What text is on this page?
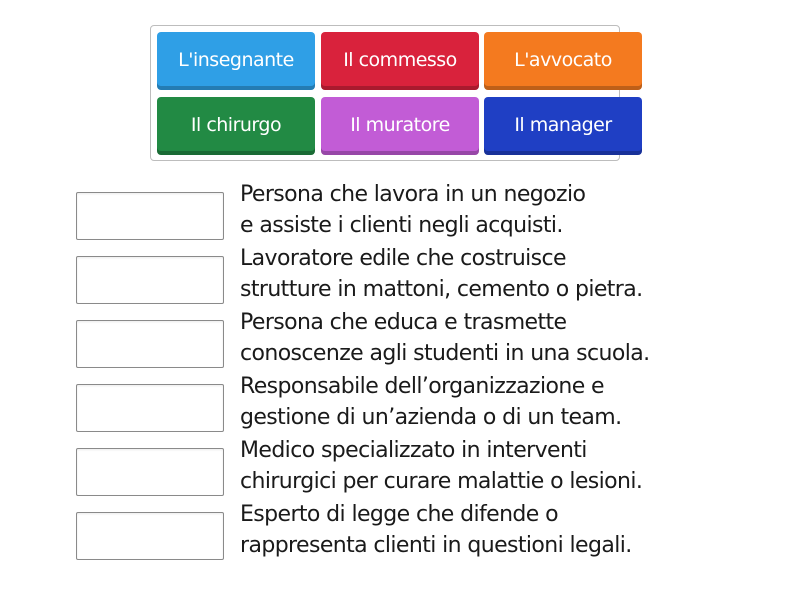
L'insegnante	Il commesso	L'avvocato
Il chirurgo	Il muratore	Il manager
Persona che lavora in un negozio
e assiste i clienti negli acquisti.
Lavoratore edile che costruisce
strutture in mattoni, cemento o pietra.
Persona che educa e trasmette
conoscenze agli studenti in una scuola.
Responsabile dell’organizzazione e
gestione di un’azienda o di un team.
Medico specializzato in interventi
chirurgici per curare malattie o lesioni.
Esperto di legge che difende o
rappresenta clienti in questioni legali.
